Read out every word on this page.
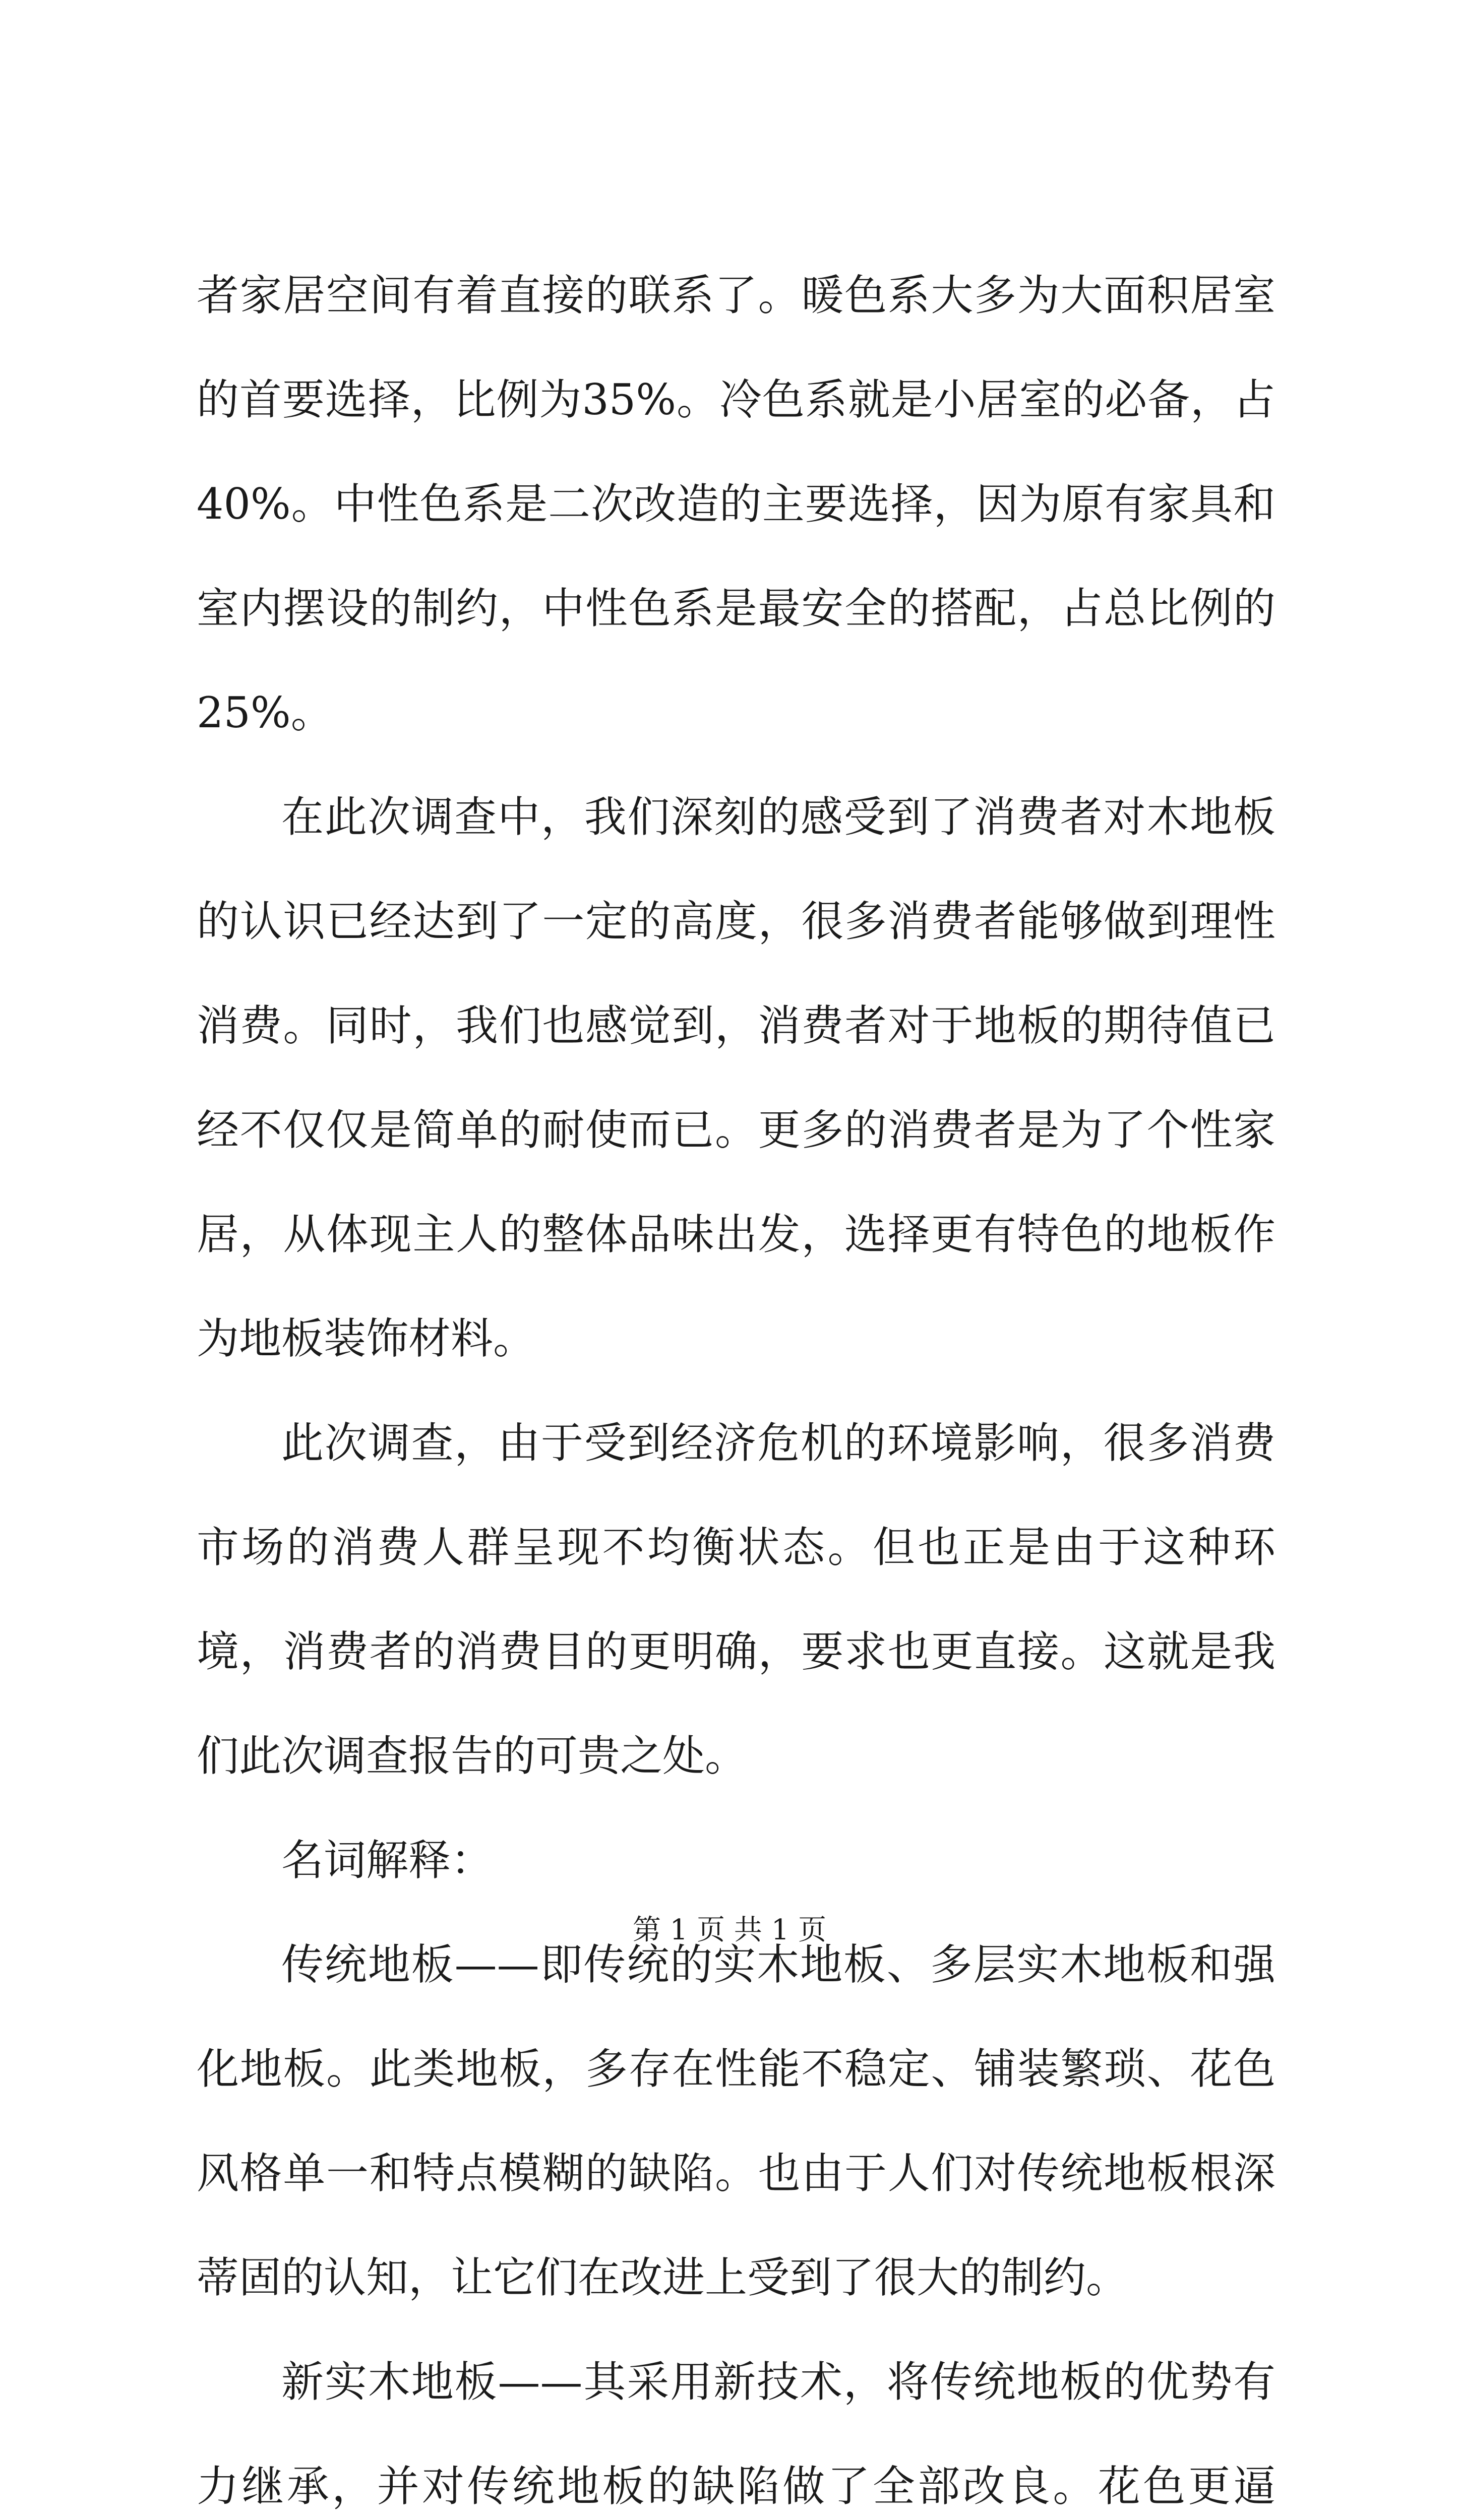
者家居空间有着直接的联系了。暖色系大多为大面积居室的首要选择，比例为35%。冷色系就是小居室的必备，占40%。中性色系是二次改造的主要选择，因为原有家具和室内摆设的制约，中性色系是最安全的搭配，占总比例的25%。

在此次调查中，我们深刻的感受到了消费者对木地板的认识已经达到了一定的高度，很多消费者能够做到理性消费。同时，我们也感觉到，消费者对于地板的期待值已经不仅仅是简单的耐使而已。更多的消费者是为了个性家居，从体现主人的整体品味出发，选择更有特色的地板作为地板装饰材料。

此次调查，由于受到经济危机的环境影响，很多消费市场的消费人群呈现不均衡状态。但也正是由于这种环境，消费者的消费目的更明确，要求也更直接。这就是我们此次调查报告的可贵之处。

名词解释：

传统地板——即传统的实木地板、多层实木地板和强化地板。此类地板，多存在性能不稳定、铺装繁琐、花色风格单一和特点模糊的缺陷。也由于人们对传统地板根深蒂固的认知，让它们在改进上受到了很大的制约。

新实木地板——其采用新技术，将传统地板的优势有力继承，并对传统地板的缺陷做了全部改良。花色更逼

第 1 页 共 1 页
